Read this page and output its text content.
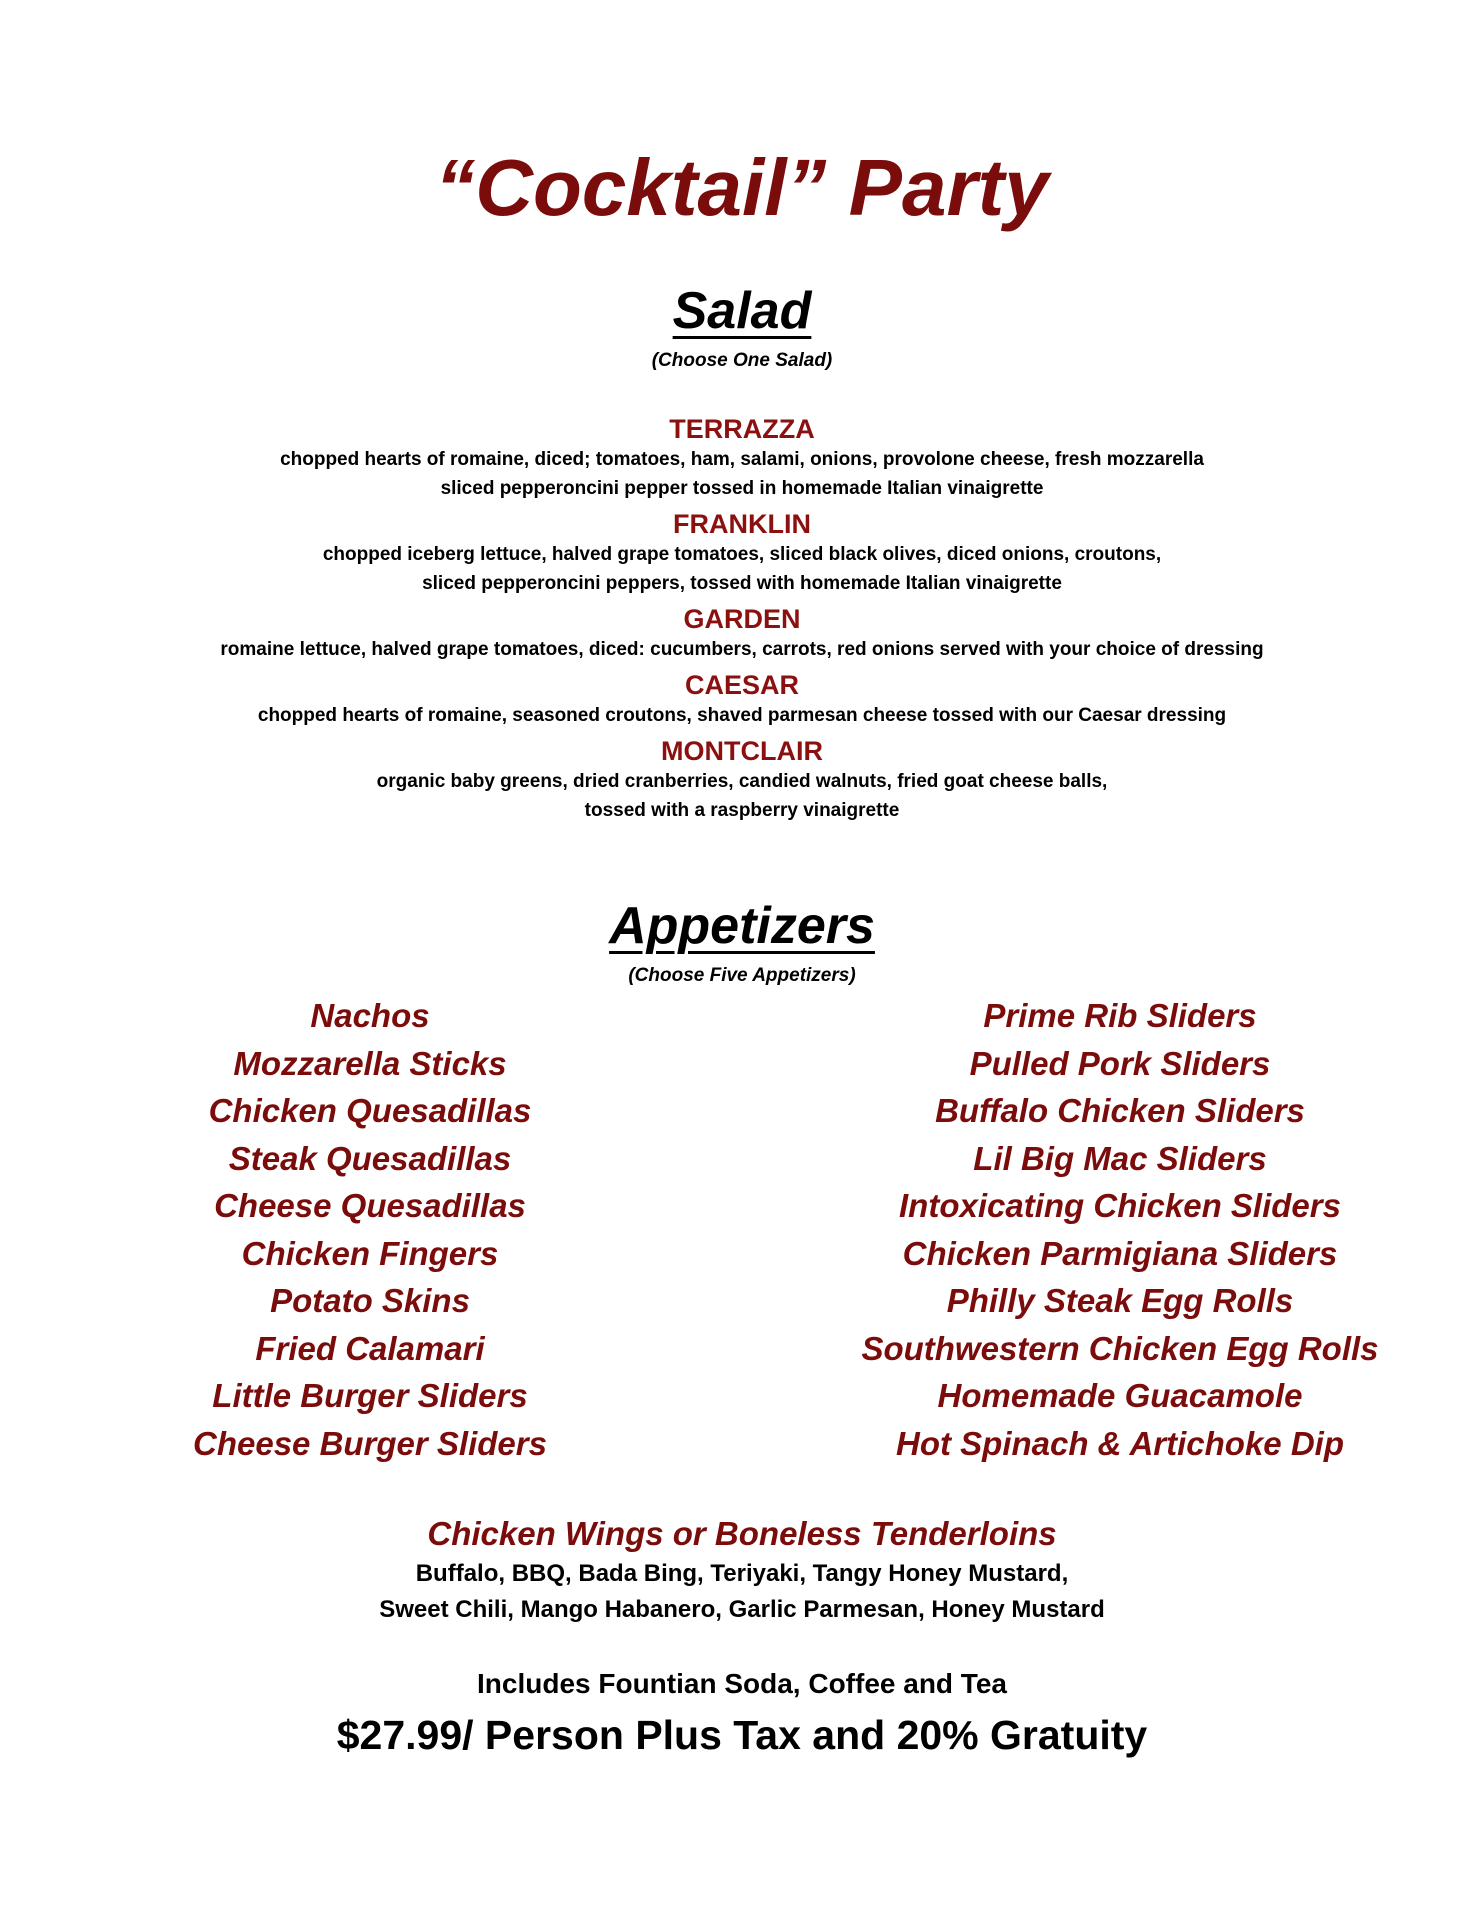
“Cocktail” Party
Salad
(Choose One Salad)
TERRAZZA
chopped hearts of romaine, diced; tomatoes, ham, salami, onions, provolone cheese, fresh mozzarella
sliced pepperoncini pepper tossed in homemade Italian vinaigrette
FRANKLIN
chopped iceberg lettuce, halved grape tomatoes, sliced black olives, diced onions, croutons,
sliced pepperoncini peppers, tossed with homemade Italian vinaigrette
GARDEN
romaine lettuce, halved grape tomatoes, diced: cucumbers, carrots, red onions served with your choice of dressing
CAESAR
chopped hearts of romaine, seasoned croutons, shaved parmesan cheese tossed with our Caesar dressing
MONTCLAIR
organic baby greens, dried cranberries, candied walnuts, fried goat cheese balls,
tossed with a raspberry vinaigrette
Appetizers
(Choose Five Appetizers)
Nachos
Mozzarella Sticks
Chicken Quesadillas
Steak Quesadillas
Cheese Quesadillas
Chicken Fingers
Potato Skins
Fried Calamari
Little Burger Sliders
Cheese Burger Sliders
Prime Rib Sliders
Pulled Pork Sliders
Buffalo Chicken Sliders
Lil Big Mac Sliders
Intoxicating Chicken Sliders
Chicken Parmigiana Sliders
Philly Steak Egg Rolls
Southwestern Chicken Egg Rolls
Homemade Guacamole
Hot Spinach & Artichoke Dip
Chicken Wings or Boneless Tenderloins
Buffalo, BBQ, Bada Bing, Teriyaki, Tangy Honey Mustard,
Sweet Chili, Mango Habanero, Garlic Parmesan, Honey Mustard
Includes Fountian Soda, Coffee and Tea
$27.99/ Person Plus Tax and 20% Gratuity
